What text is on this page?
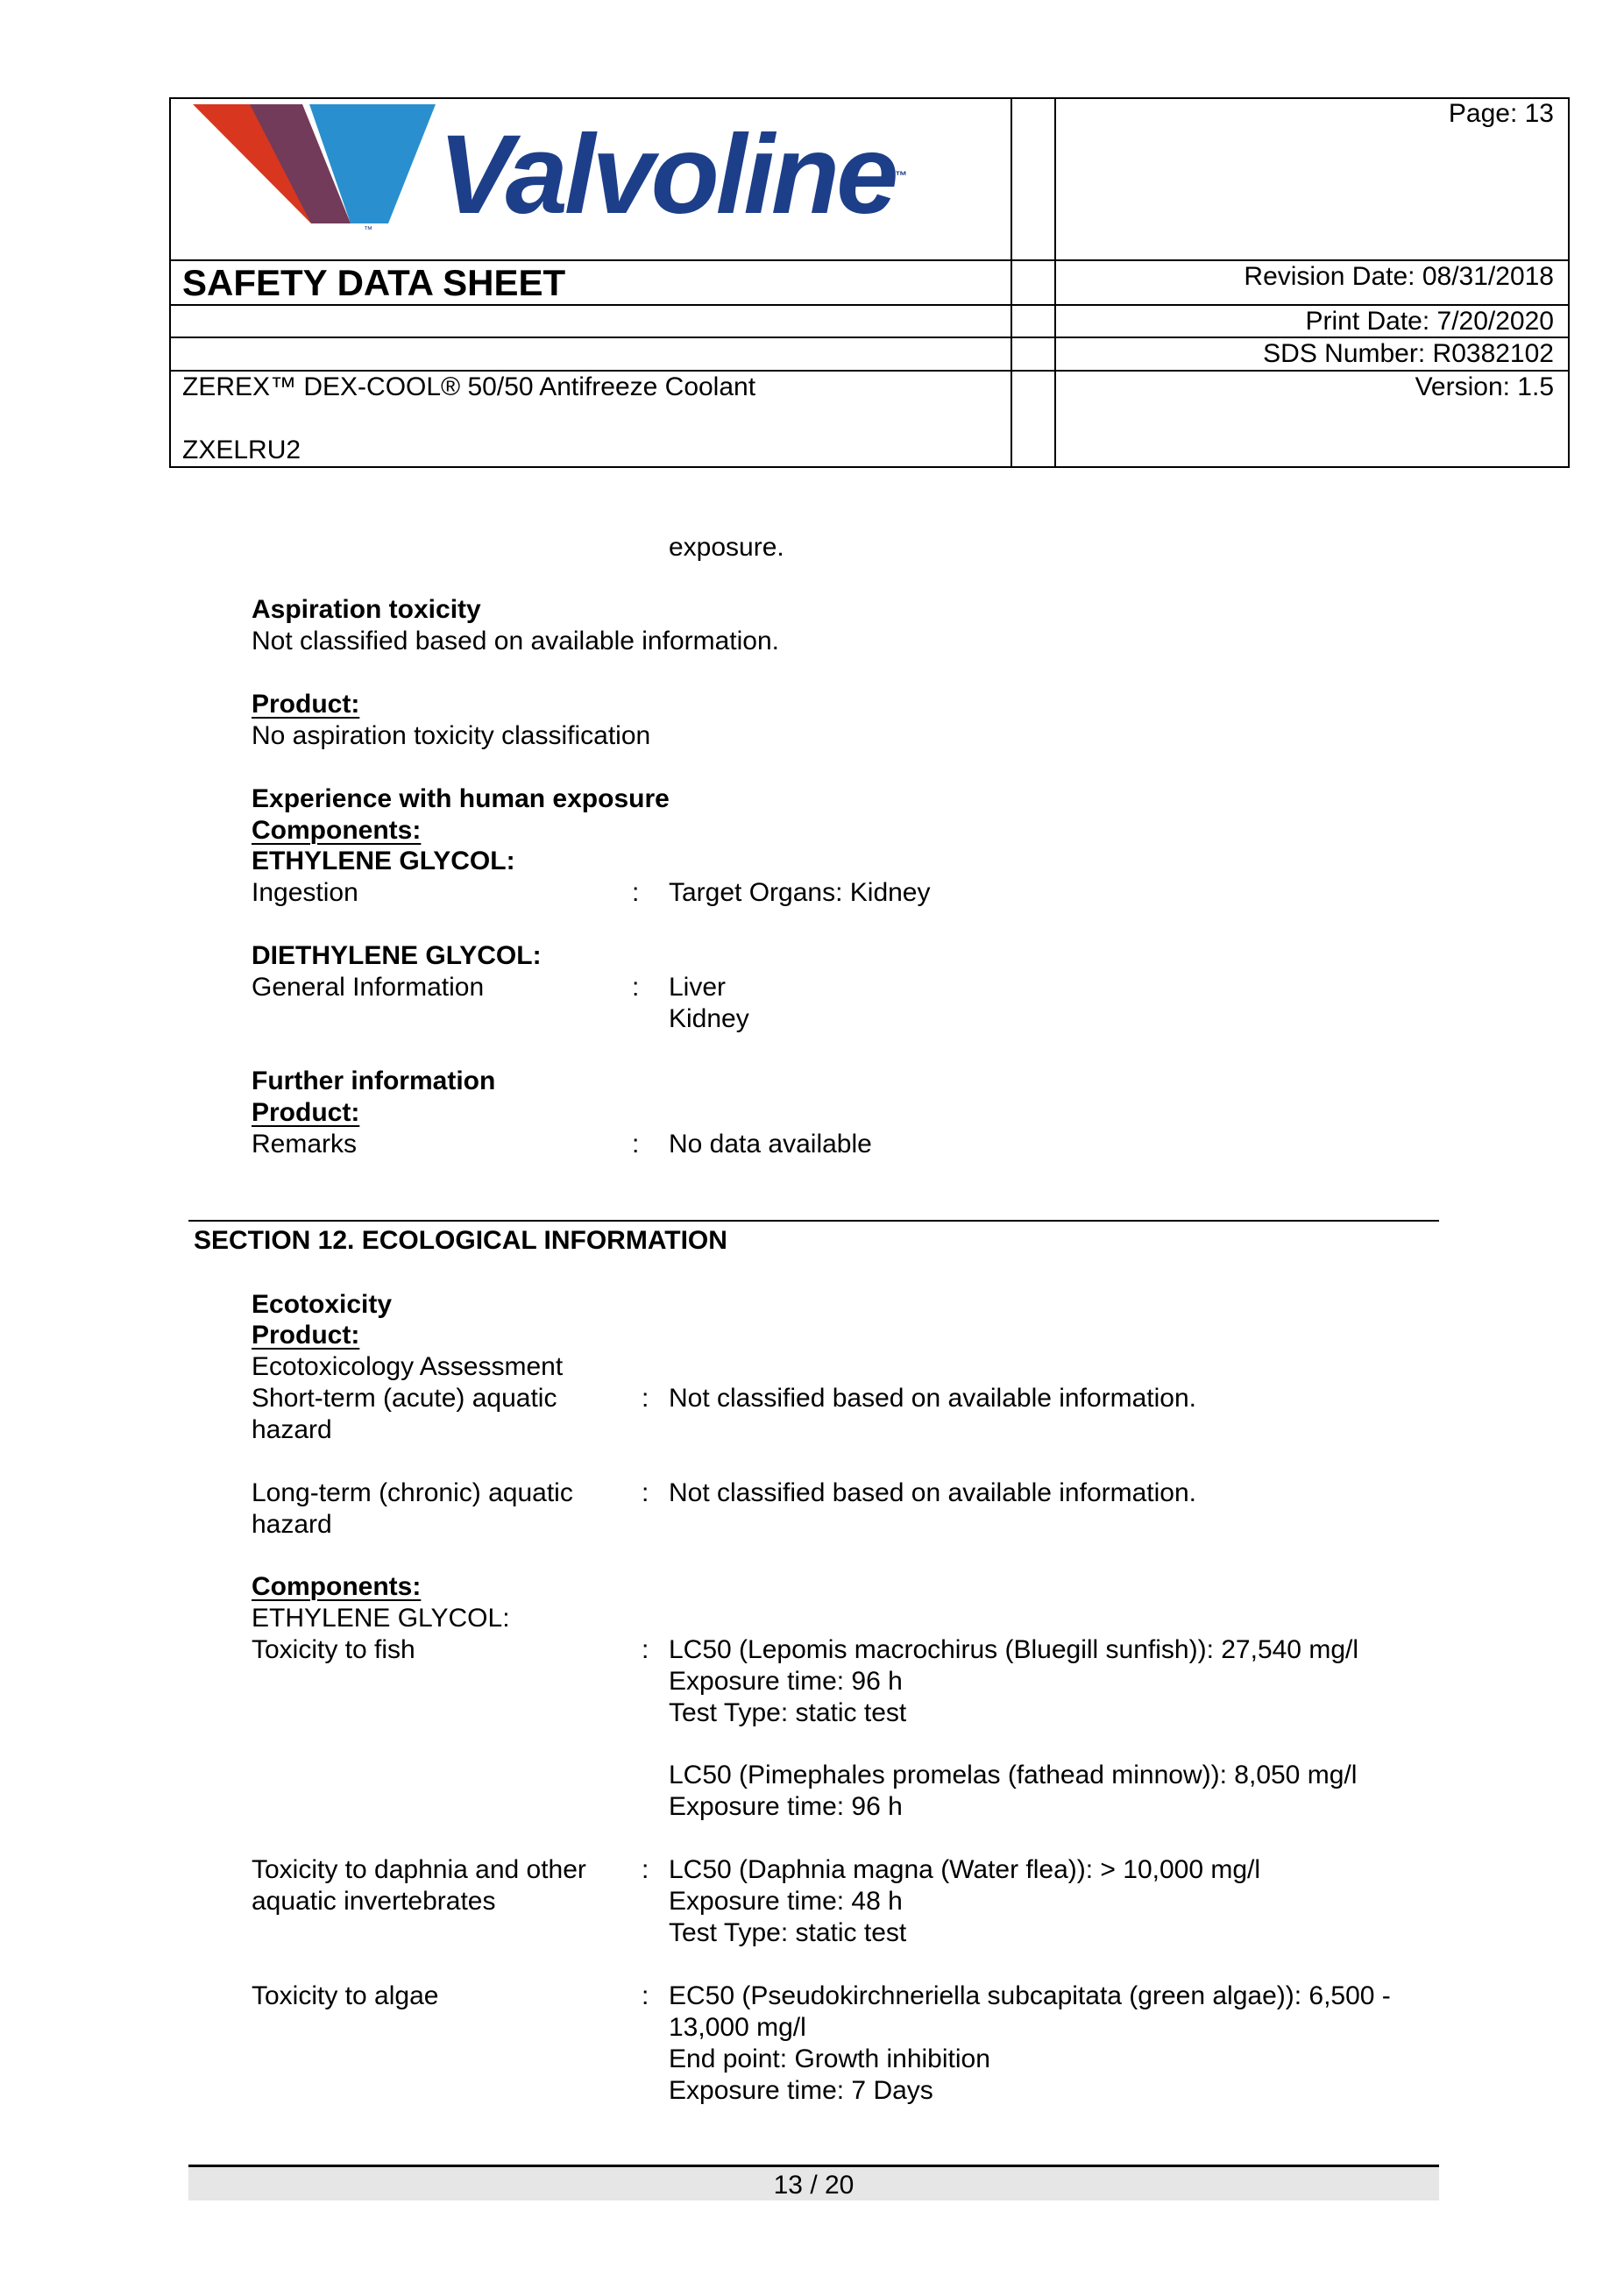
™ Valvoline™
Page: 13
SAFETY DATA SHEET	Revision Date: 08/31/2018
Print Date: 7/20/2020
SDS Number: R0382102
ZEREX™ DEX-COOL® 50/50 Antifreeze Coolant	Version: 1.5
ZXELRU2
exposure.
Aspiration toxicity
Not classified based on available information.
Product:
No aspiration toxicity classification
Experience with human exposure
Components:
ETHYLENE GLYCOL:
Ingestion	: Target Organs: Kidney
DIETHYLENE GLYCOL:
General Information	: Liver
Kidney
Further information
Product:
Remarks	: No data available
SECTION 12. ECOLOGICAL INFORMATION
Ecotoxicity
Product:
Ecotoxicology Assessment
Short-term (acute) aquatic
hazard
: Not classified based on available information.
Long-term (chronic) aquatic
hazard
: Not classified based on available information.
Components:
ETHYLENE GLYCOL:
Toxicity to fish	: LC50 (Lepomis macrochirus (Bluegill sunfish)): 27,540 mg/l
Exposure time: 96 h
Test Type: static test
LC50 (Pimephales promelas (fathead minnow)): 8,050 mg/l
Exposure time: 96 h
Toxicity to daphnia and other
aquatic invertebrates
: LC50 (Daphnia magna (Water flea)): > 10,000 mg/l
Exposure time: 48 h
Test Type: static test
Toxicity to algae	: EC50 (Pseudokirchneriella subcapitata (green algae)): 6,500 -
13,000 mg/l
End point: Growth inhibition
Exposure time: 7 Days
13 / 20
